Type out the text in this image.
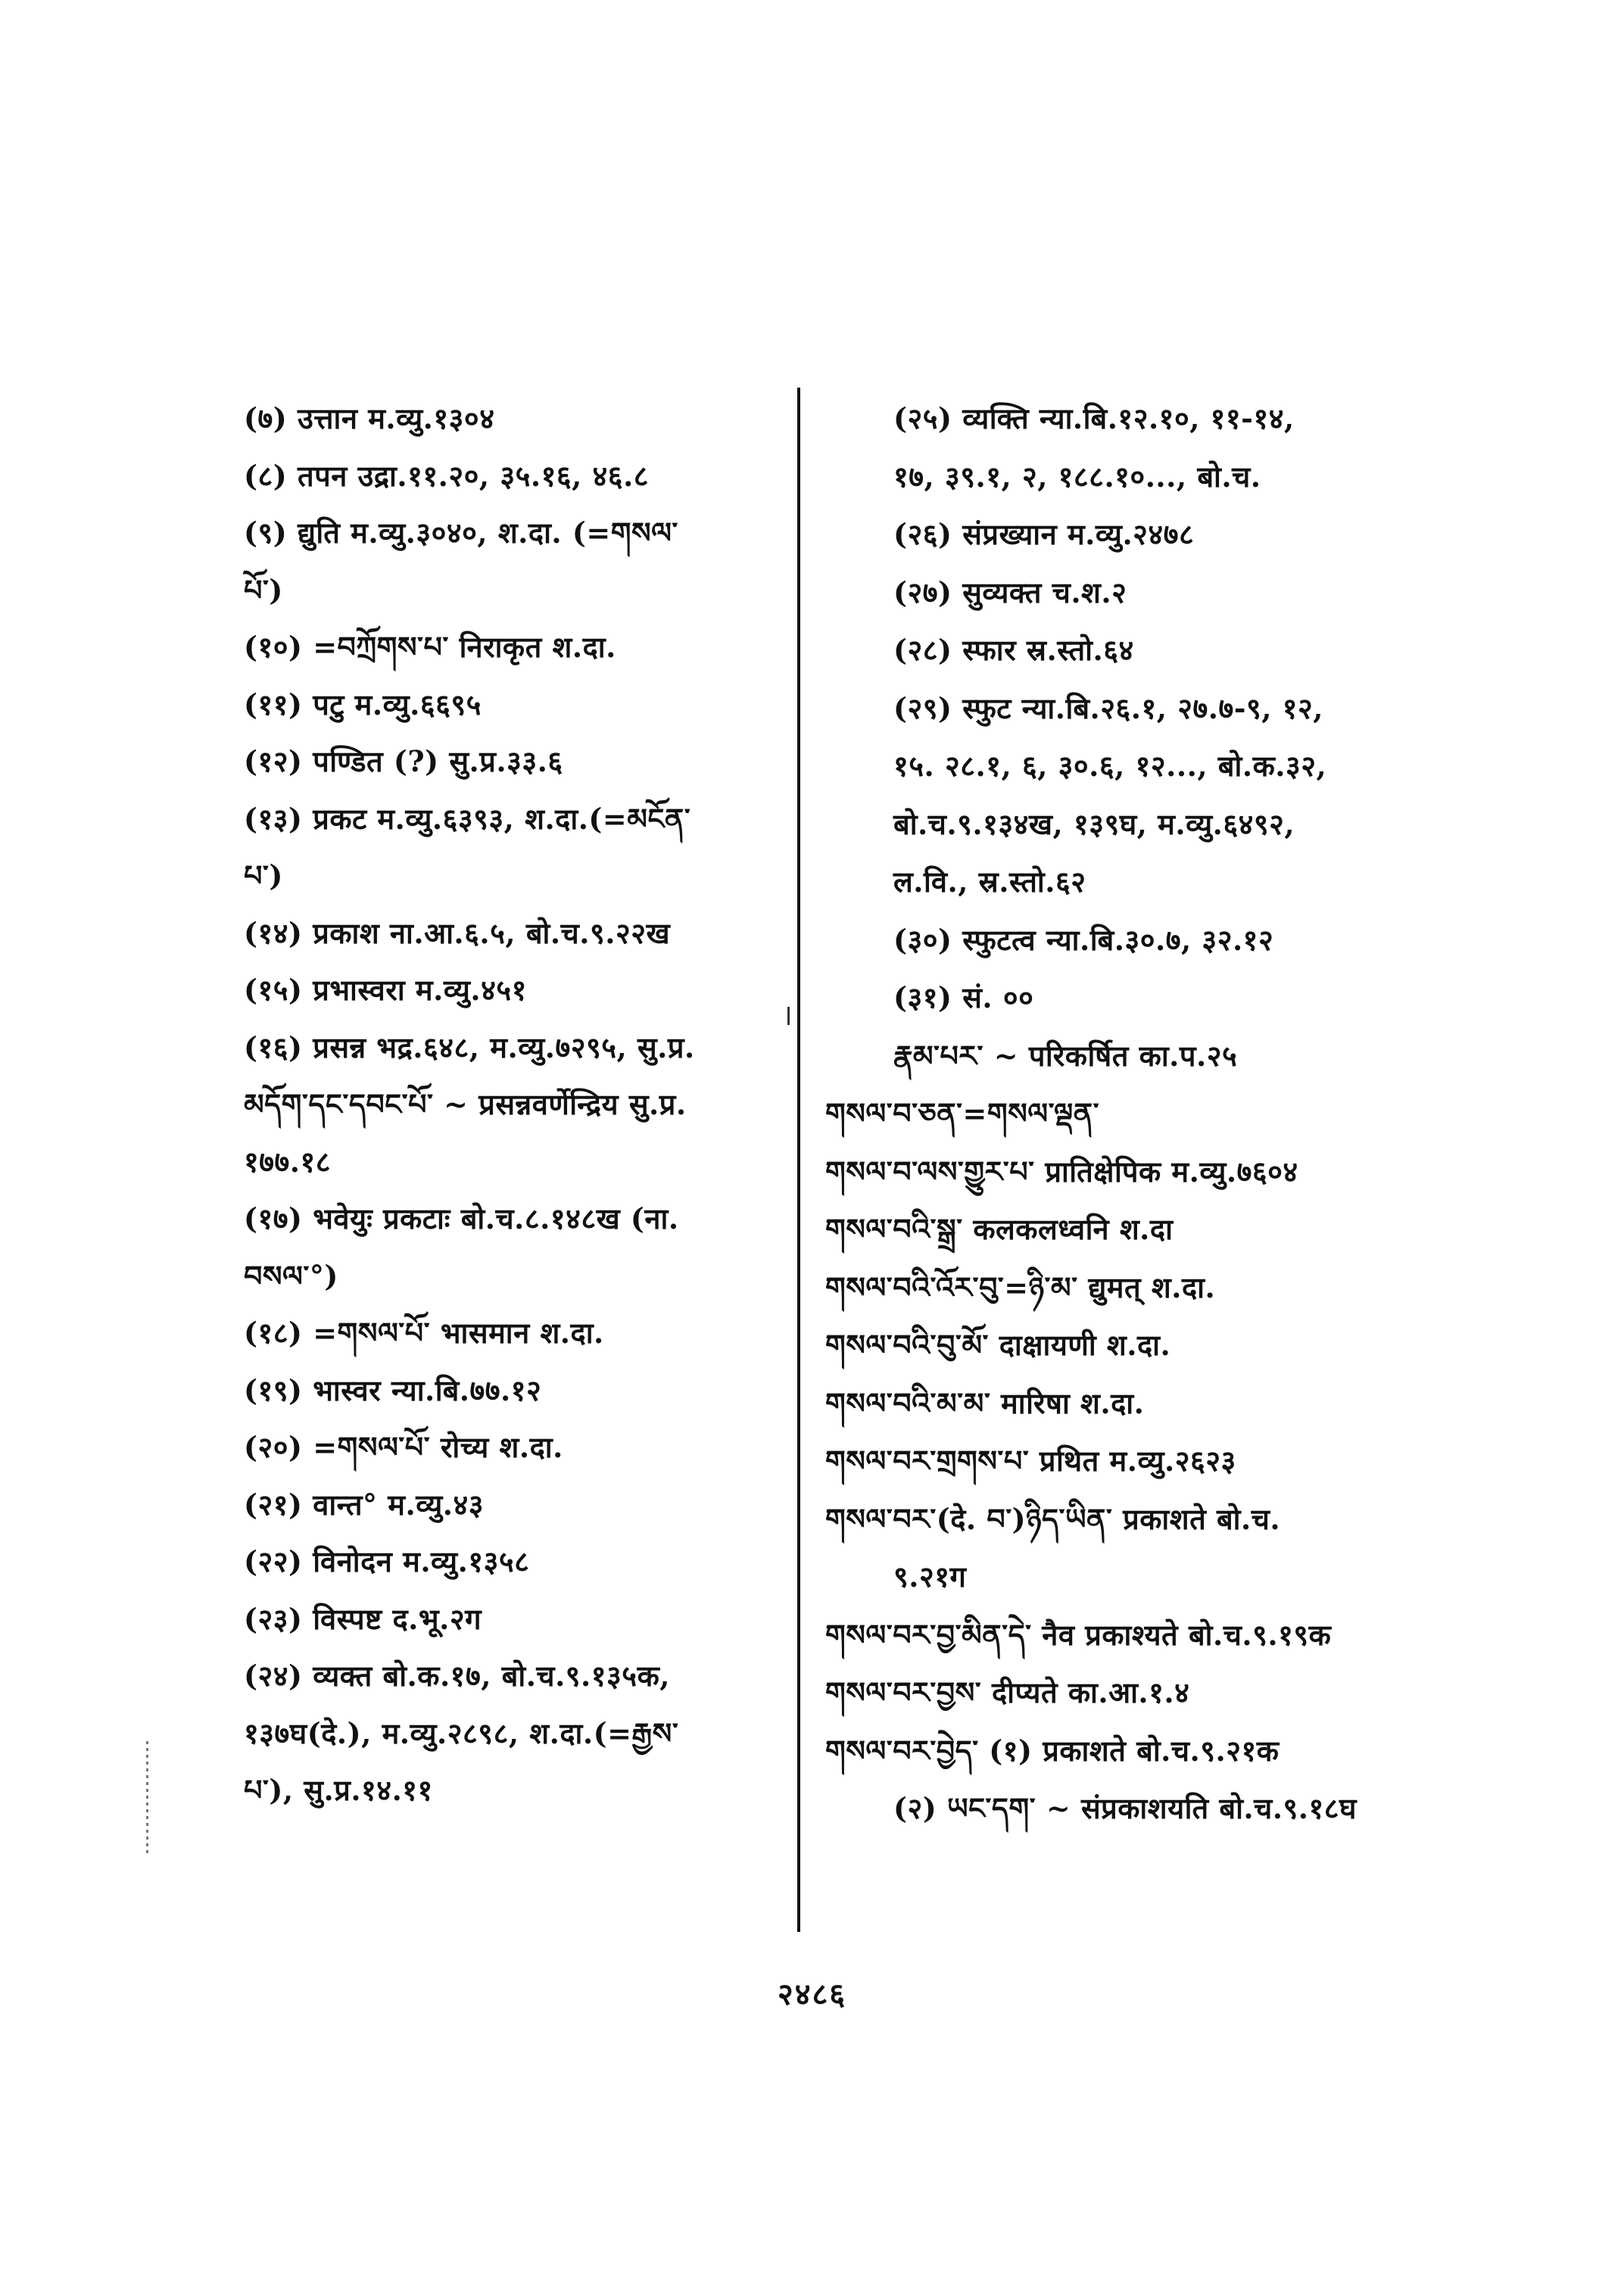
(७) उत्तान म.व्यु.१३०४
(८) तपन उद्रा.११.२०, ३५.१६, ४६.८
(९) द्युति म.व्यु.३०४०, श.दा. (=གསལ་
པོ་)
(१०) =བཀྲོགས་པ་ निराकृत श.दा.
(११) पटु म.व्यु.६६९५
(१२) पण्डित (?) सु.प्र.३३.६
(१३) प्रकट म.व्यु.६३९३, श.दा.(=མངོན་
པ་)
(१४) प्रकाश ना.आ.६.५, बो.च.९.२२ख
(१५) प्रभास्वरा म.व्यु.४५१
(१६) प्रसन्न भद्र.६४८, म.व्यु.७२९५, सु.प्र.
མདོག་དང་དབང་པོ་ ~ प्रसन्नवर्णेन्द्रिय सु.प्र.
१७७.१८
(१७) भवेयुः प्रकटाः बो.च.८.१४८ख (ना.
བསལ་°)
(१८) =གསལ་པོ་ भासमान श.दा.
(१९) भास्वर न्या.बि.७७.१२
(२०) =གསལ་པོ་ रोच्य श.दा.
(२१) वान्त° म.व्यु.४३
(२२) विनोदन म.व्यु.१३५८
(२३) विस्पष्ट द.भू.२ग
(२४) व्यक्त बो.क.१७, बो.च.९.१३५क,
१३७घ(दे.), म.व्यु.२८९८, श.दा.(=རྒྱས་
པ་), सु.प्र.१४.११
(२५) व्यक्ति न्या.बि.१२.१०, ११-१४,
१७, ३९.१, २, १८८.१०..., बो.च.
(२६) संप्रख्यान म.व्यु.२४७८
(२७) सुव्यक्त च.श.२
(२८) स्फार स्र.स्तो.६४
(२९) स्फुट न्या.बि.२६.१, २७.७-९, १२,
१५. २८.१, ६, ३०.६, १२..., बो.क.३२,
बो.च.९.१३४ख, १३९घ, म.व्यु.६४९२,
ल.वि., स्र.स्तो.६२
(३०) स्फुटत्व न्या.बि.३०.७, ३२.१२
(३१) सं. ००
རྣམ་པར་ ~ परिकर्षित का.प.२५
གསལ་བ་ཅན་=གསལ་ལྡན་
གསལ་བ་ལས་གྱུར་པ་ प्रातिक्षेपिक म.व्यु.७६०४
གསལ་བའི་སྒྲ་ कलकलध्वनि श.दा
གསལ་བའི་འོར་བུ་=ཉི་མ་ द्युमत् श.दा.
གསལ་བའི་བུ་མོ་ दाक्षायणी श.दा.
གསལ་བའི་མ་མ་ मारिषा श.दा.
གསལ་བར་གྲགས་པ་ प्रथित म.व्यु.२६२३
གསལ་བར་(दे. བ་)ཉིད་ཡིན་ प्रकाशते बो.च.
९.२१ग
གསལ་བར་བྱ་མིན་དེ་ नैव प्रकाश्यते बो.च.९.१९क
གསལ་བར་བྱས་ दीप्यते का.आ.१.४
གསལ་བར་བྱེད་ (१) प्रकाशते बो.च.९.२१क
(२) ཡང་དག་ ~ संप्रकाशयति बो.च.९.१८घ
२४८६
